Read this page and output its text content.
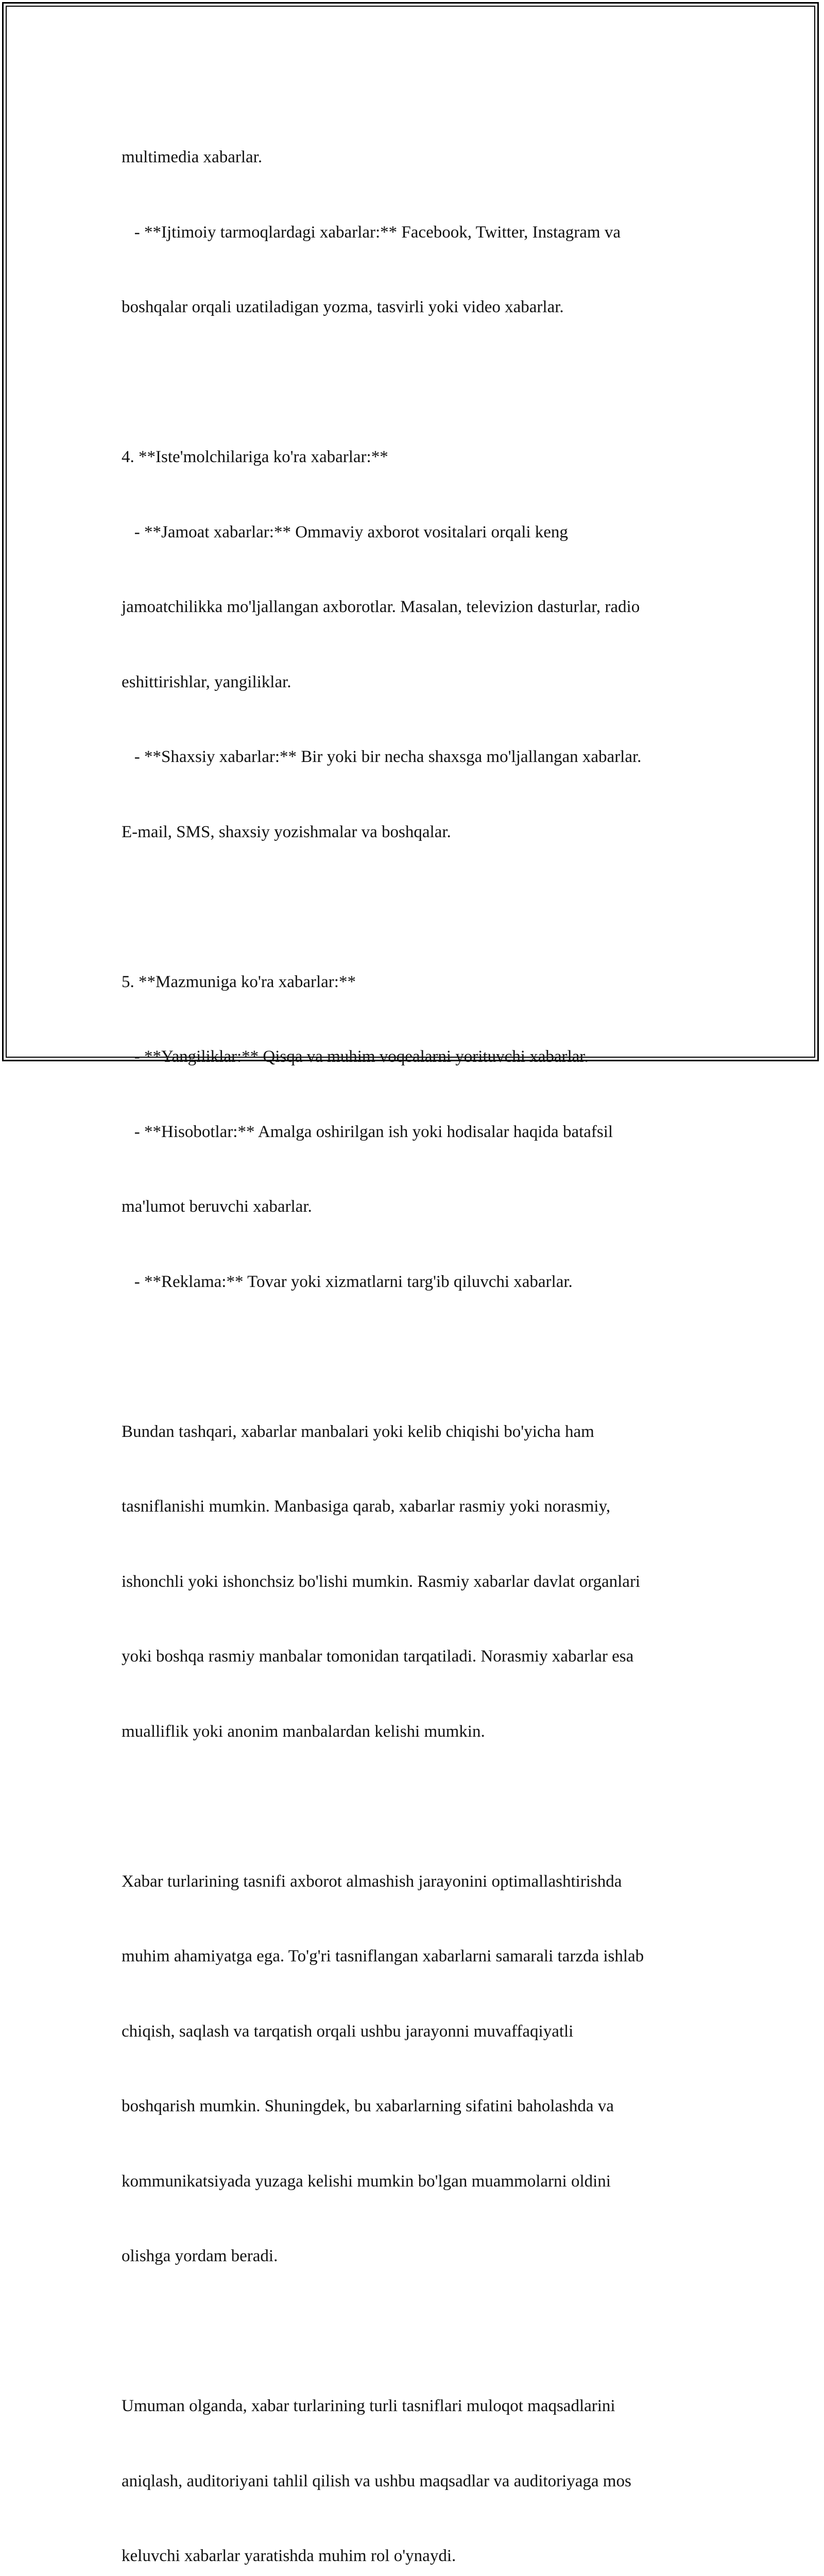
multimedia xabarlar.

- **Ijtimoiy tarmoqlardagi xabarlar:** Facebook, Twitter, Instagram va

boshqalar orqali uzatiladigan yozma, tasvirli yoki video xabarlar.

4. **Iste'molchilariga ko'ra xabarlar:**

- **Jamoat xabarlar:** Ommaviy axborot vositalari orqali keng

jamoatchilikka mo'ljallangan axborotlar. Masalan, televizion dasturlar, radio

eshittirishlar, yangiliklar.

- **Shaxsiy xabarlar:** Bir yoki bir necha shaxsga mo'ljallangan xabarlar.

E-mail, SMS, shaxsiy yozishmalar va boshqalar.

5. **Mazmuniga ko'ra xabarlar:**

- **Yangiliklar:** Qisqa va muhim voqealarni yorituvchi xabarlar.

- **Hisobotlar:** Amalga oshirilgan ish yoki hodisalar haqida batafsil

ma'lumot beruvchi xabarlar.

- **Reklama:** Tovar yoki xizmatlarni targ'ib qiluvchi xabarlar.

Bundan tashqari, xabarlar manbalari yoki kelib chiqishi bo'yicha ham

tasniflanishi mumkin. Manbasiga qarab, xabarlar rasmiy yoki norasmiy,

ishonchli yoki ishonchsiz bo'lishi mumkin. Rasmiy xabarlar davlat organlari

yoki boshqa rasmiy manbalar tomonidan tarqatiladi. Norasmiy xabarlar esa

mualliflik yoki anonim manbalardan kelishi mumkin.

Xabar turlarining tasnifi axborot almashish jarayonini optimallashtirishda

muhim ahamiyatga ega. To'g'ri tasniflangan xabarlarni samarali tarzda ishlab

chiqish, saqlash va tarqatish orqali ushbu jarayonni muvaffaqiyatli

boshqarish mumkin. Shuningdek, bu xabarlarning sifatini baholashda va

kommunikatsiyada yuzaga kelishi mumkin bo'lgan muammolarni oldini

olishga yordam beradi.

Umuman olganda, xabar turlarining turli tasniflari muloqot maqsadlarini

aniqlash, auditoriyani tahlil qilish va ushbu maqsadlar va auditoriyaga mos

keluvchi xabarlar yaratishda muhim rol o'ynaydi.
